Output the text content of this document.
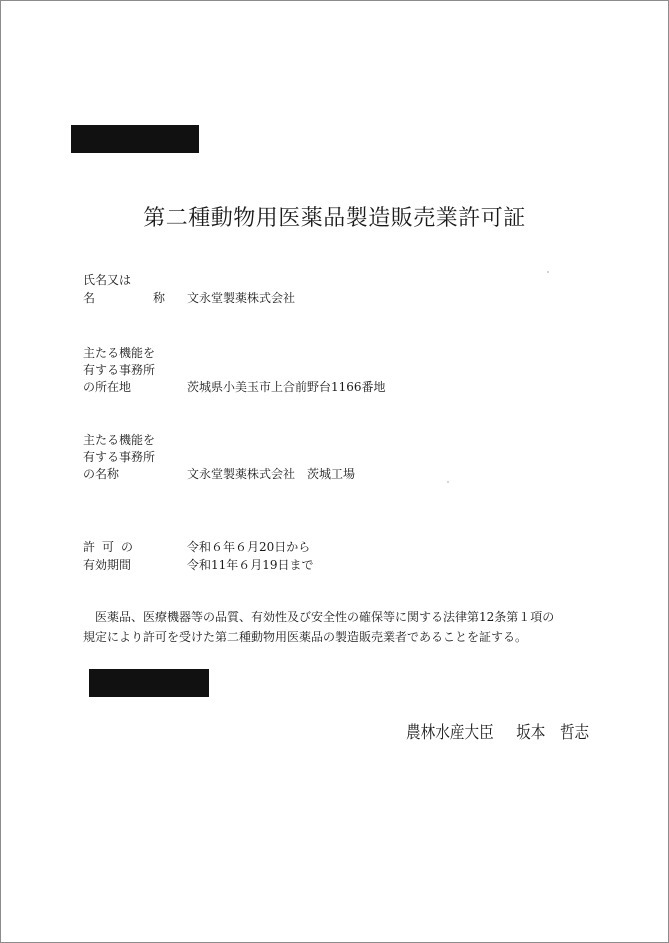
第二種動物用医薬品製造販売業許可証
氏名又は
名　称
文永堂製薬株式会社
主たる機能を
有する事務所
の所在地	茨城県小美玉市上合前野台1166番地
主たる機能を
有する事務所
の名称	文永堂製薬株式会社　茨城工場
許可の
有効期間
令和６年６月20日から
令和11年６月19日まで

医薬品、医療機器等の品質、有効性及び安全性の確保等に関する法律第12条第１項の

規定により許可を受けた第二種動物用医薬品の製造販売業者であることを証する。

農林水産大臣 坂本　哲志
